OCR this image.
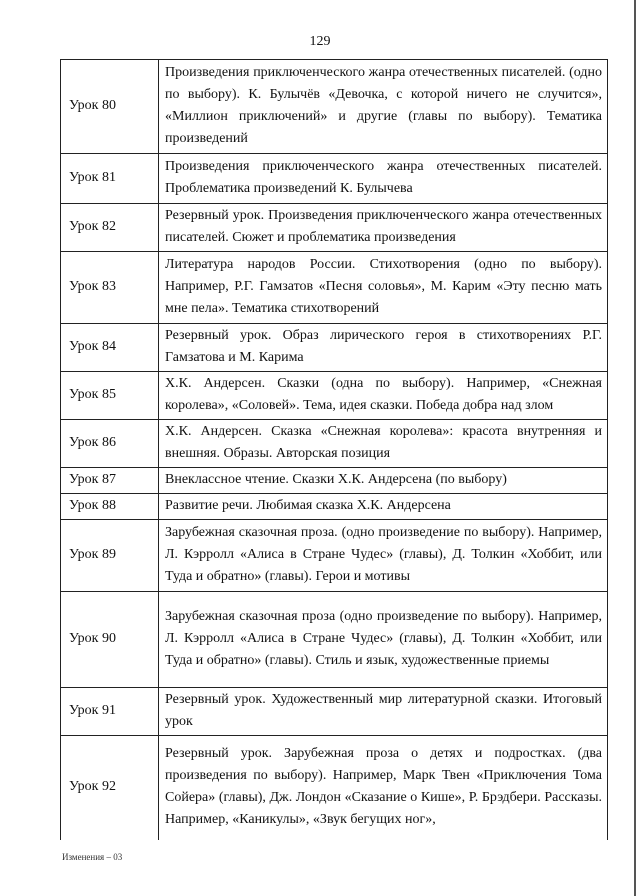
129
Урок 80	Произведения приключенческого жанра отечественных писателей. (одно по выбору). К. Булычёв «Девочка, с которой ничего не случится», «Миллион приключений» и другие (главы по выбору). Тематика произведений
Урок 81	Произведения приключенческого жанра отечественных писателей. Проблематика произведений К. Булычева
Урок 82	Резервный урок. Произведения приключенческого жанра отечественных писателей. Сюжет и проблематика произведения
Урок 83	Литература народов России. Стихотворения (одно по выбору). Например, Р.Г. Гамзатов «Песня соловья», М. Карим «Эту песню мать мне пела». Тематика стихотворений
Урок 84	Резервный урок. Образ лирического героя в стихотворениях Р.Г. Гамзатова и М. Карима
Урок 85	Х.К. Андерсен. Сказки (одна по выбору). Например, «Снежная королева», «Соловей». Тема, идея сказки. Победа добра над злом
Урок 86	Х.К. Андерсен. Сказка «Снежная королева»: красота внутренняя и внешняя. Образы. Авторская позиция
Урок 87	Внеклассное чтение. Сказки Х.К. Андерсена (по выбору)
Урок 88	Развитие речи. Любимая сказка Х.К. Андерсена
Урок 89	Зарубежная сказочная проза. (одно произведение по выбору). Например, Л. Кэрролл «Алиса в Стране Чудес» (главы), Д. Толкин «Хоббит, или Туда и обратно» (главы). Герои и мотивы
Урок 90	Зарубежная сказочная проза (одно произведение по выбору). Например, Л. Кэрролл «Алиса в Стране Чудес» (главы), Д. Толкин «Хоббит, или Туда и обратно» (главы). Стиль и язык, художественные приемы
Урок 91	Резервный урок. Художественный мир литературной сказки. Итоговый урок
Урок 92	Резервный урок. Зарубежная проза о детях и подростках. (два произведения по выбору). Например, Марк Твен «Приключения Тома Сойера» (главы), Дж. Лондон «Сказание о Кише», Р. Брэдбери. Рассказы. Например, «Каникулы», «Звук бегущих ног»,
Изменения – 03
